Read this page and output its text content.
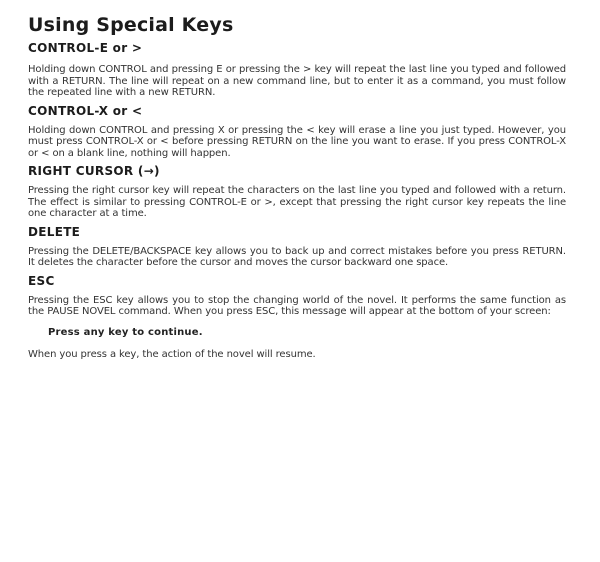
Using Special Keys
CONTROL-E or >

Holding down CONTROL and pressing E or pressing the > key will repeat the last line you typed and followed with a RETURN. The line will repeat on a new command line, but to enter it as a command, you must follow the repeated line with a new RETURN.

CONTROL-X or <

Holding down CONTROL and pressing X or pressing the < key will erase a line you just typed. However, you must press CONTROL-X or < before pressing RETURN on the line you want to erase. If you press CONTROL-X or < on a blank line, nothing will happen.

RIGHT CURSOR (→)

Pressing the right cursor key will repeat the characters on the last line you typed and followed with a return. The effect is similar to pressing CONTROL-E or >, except that pressing the right cursor key repeats the line one character at a time.

DELETE

Pressing the DELETE/BACKSPACE key allows you to back up and correct mistakes before you press RETURN. It deletes the character before the cursor and moves the cursor backward one space.

ESC

Pressing the ESC key allows you to stop the changing world of the novel. It performs the same function as the PAUSE NOVEL command. When you press ESC, this message will appear at the bottom of your screen:

Press any key to continue.

When you press a key, the action of the novel will resume.
